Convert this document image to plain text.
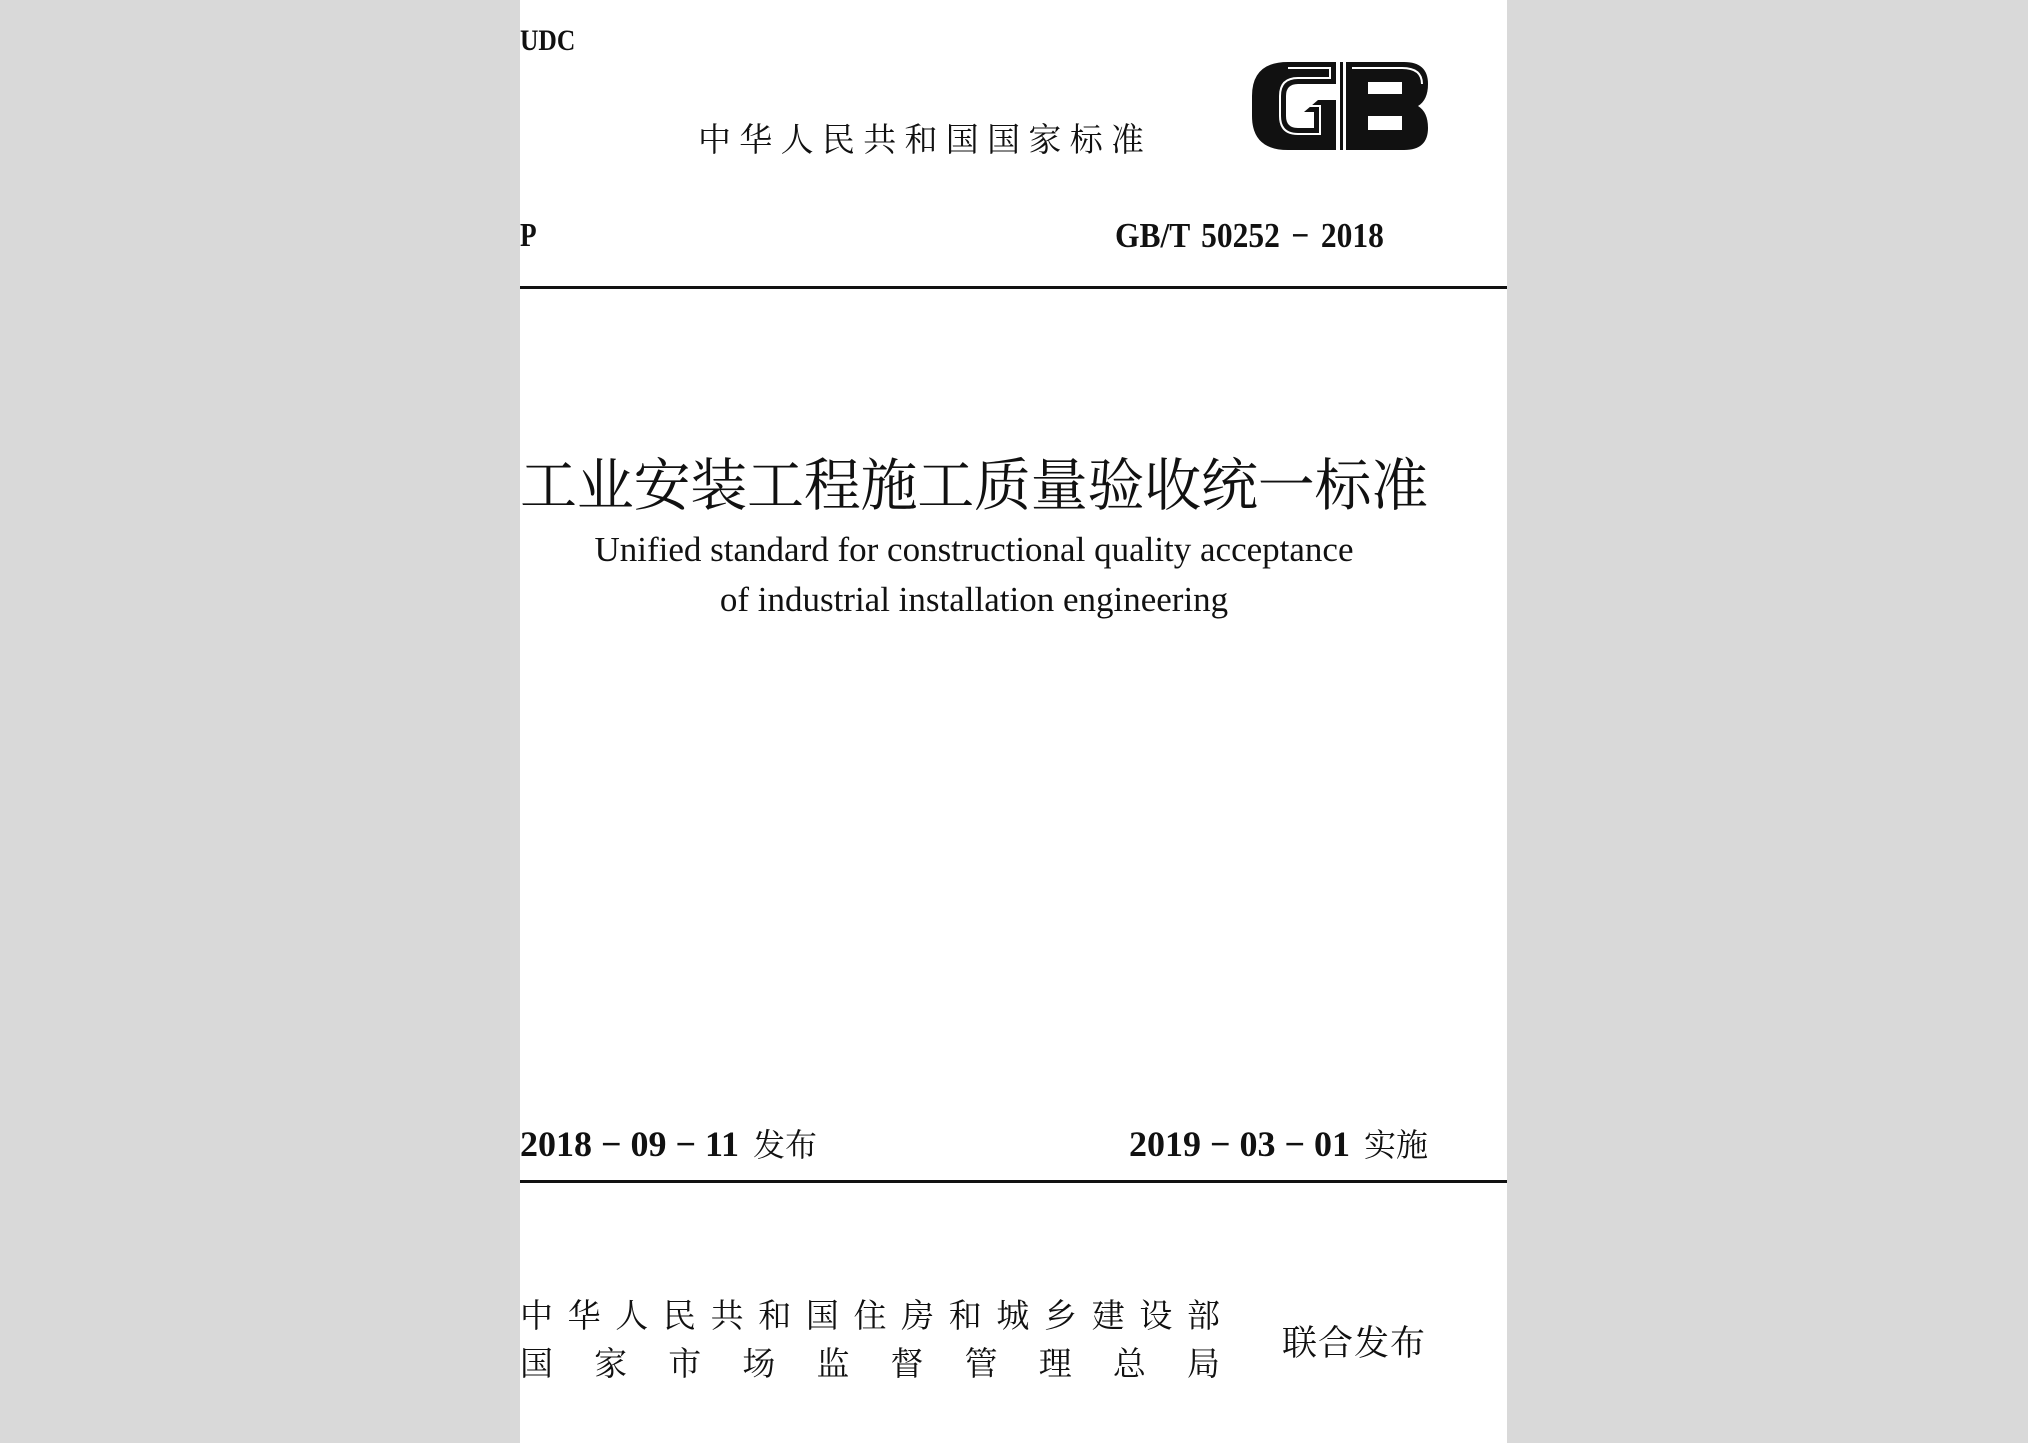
UDC
中华人民共和国国家标准
P	GB/T 50252 − 2018
工业安装工程施工质量验收统一标准
Unified standard for constructional quality acceptance
of industrial installation engineering
2018 − 09 − 11 发布	2019 − 03 − 01 实施
中 华 人 民 共 和 国 住 房 和 城 乡 建 设 部
国 家 市 场 监 督 管 理 总 局 联合发布
